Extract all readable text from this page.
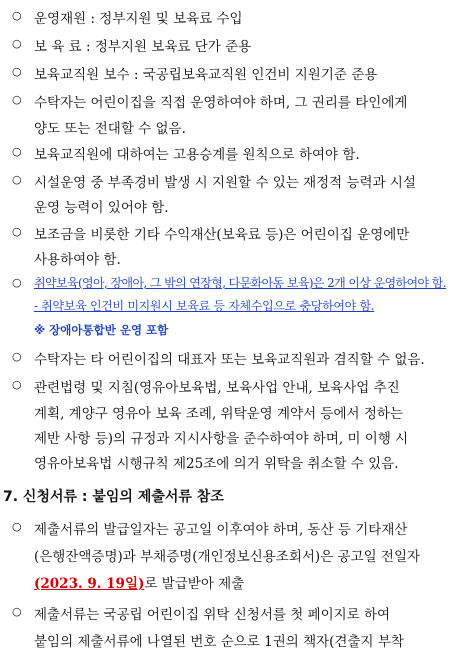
○ 운영재원 : 정부지원 및 보육료 수입
○ 보 육 료 : 정부지원 보육료 단가 준용
○ 보육교직원 보수 : 국공립보육교직원 인건비 지원기준 준용
○ 수탁자는 어린이집을 직접 운영하여야 하며, 그 권리를 타인에게
양도 또는 전대할 수 없음.
○ 보육교직원에 대하여는 고용승계를 원칙으로 하여야 함.
○ 시설운영 중 부족경비 발생 시 지원할 수 있는 재정적 능력과 시설
운영 능력이 있어야 함.
○ 보조금을 비롯한 기타 수익재산(보육료 등)은 어린이집 운영에만
사용하여야 함.
○ 취약보육(영아, 장애아, 그 밖의 연장형, 다문화아동 보육)은 2개 이상 운영하여야 함.
- 취약보육 인건비 미지원시 보육료 등 자체수입으로 충당하여야 함.
※ 장애아통합반 운영 포함
○ 수탁자는 타 어린이집의 대표자 또는 보육교직원과 겸직할 수 없음.
○ 관련법령 및 지침(영유아보육법, 보육사업 안내, 보육사업 추진
계획, 계양구 영유아 보육 조례, 위탁운영 계약서 등에서 정하는
제반 사항 등)의 규정과 지시사항을 준수하여야 하며, 미 이행 시
영유아보육법 시행규칙 제25조에 의거 위탁을 취소할 수 있음.
7. 신청서류 : 붙임의 제출서류 참조
○ 제출서류의 발급일자는 공고일 이후여야 하며, 동산 등 기타재산
(은행잔액증명)과 부채증명(개인정보신용조회서)은 공고일 전일자
(2023. 9. 19일)로 발급받아 제출
○ 제출서류는 국공립 어린이집 위탁 신청서를 첫 페이지로 하여
붙임의 제출서류에 나열된 번호 순으로 1권의 책자(견출지 부착
